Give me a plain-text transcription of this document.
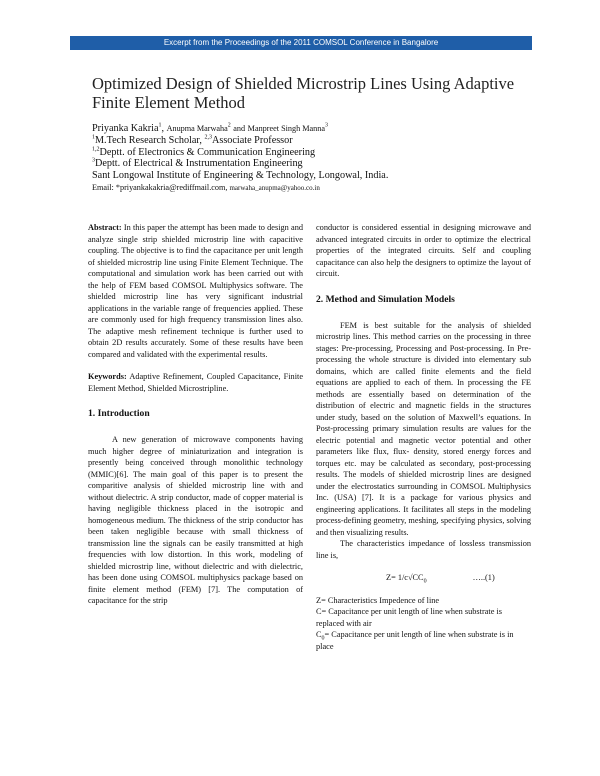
Excerpt from the Proceedings of the 2011 COMSOL Conference in Bangalore
Optimized Design of Shielded Microstrip Lines Using Adaptive Finite Element Method
Priyanka Kakria$^1$, Anupma Marwaha$^2$ and Manpreet Singh Manna$^3$
$^1$M.Tech Research Scholar, $^{2,3}$Associate Professor
$^{1,2}$Deptt. of Electronics & Communication Engineering
$^3$Deptt. of Electrical & Instrumentation Engineering
Sant Longowal Institute of Engineering & Technology, Longowal, India.
Email: *priyankakakria@rediffmail.com, marwaha_anupma@yahoo.co.in

Abstract: In this paper the attempt has been made to design and analyze single strip shielded microstrip line with capacitive coupling. The objective is to find the capacitance per unit length of shielded microstrip line using Finite Element Technique. The computational and simulation work has been carried out with the help of FEM based COMSOL Multiphysics software. The shielded microstrip line has very significant industrial applications in the variable range of frequencies applied. These are commonly used for high frequency transmission lines also. The adaptive mesh refinement technique is further used to obtain 2D results accurately. Some of these results have been compared and validated with the experimental results.

Keywords: Adaptive Refinement, Coupled Capacitance, Finite Element Method, Shielded Microstripline.

1. Introduction

A new generation of microwave components having much higher degree of miniaturization and integration is presently being conceived through monolithic technology (MMIC)[6]. The main goal of this paper is to present the comparitive analysis of shielded microstrip line with and without dielectric. A strip conductor, made of copper material is having negligible thickness placed in the isotropic and homogeneous medium. The thickness of the strip conductor has been taken negligible because with small thickness of transmission line the signals can be easily transmitted at high frequencies with low distortion. In this work, modeling of shielded microstrip line, without dielectric and with dielectric, has been done using COMSOL multiphysics package based on finite element method (FEM) [7]. The computation of capacitance for the strip

conductor is considered essential in designing microwave and advanced integrated circuits in order to optimize the electrical properties of the integrated circuits. Self and coupling capacitance can also help the designers to optimize the layout of circuit.

2. Method and Simulation Models

FEM is best suitable for the analysis of shielded microstrip lines. This method carries on the processing in three stages: Pre-processing, Processing and Post-processing. In Pre-processing the whole structure is divided into elementary sub domains, which are called finite elements and the field equations are applied to each of them. In processing the FE methods are essentially based on determination of the distribution of electric and magnetic fields in the structures under study, based on the solution of Maxwell’s equations. In Post-processing primary simulation results are values for the electric potential and magnetic vector potential and other parameters like flux, flux- density, stored energy forces and torques etc. may be calculated as secondary, post-processing results. The models of shielded microstrip lines are designed under the electrostatics surrounding in COMSOL Multiphysics Inc. (USA) [7]. It is a package for various physics and engineering applications. It facilitates all steps in the modeling process-defining geometry, meshing, specifying physics, solving and then visualizing results.

The characteristics impedance of lossless transmission line is,

$Z= 1/c√CC_0$	…..(1)

Z= Characteristics Impedence of line

C= Capacitance per unit length of line when substrate is replaced with air

$C_0=$ Capacitance per unit length of line when substrate is in place
